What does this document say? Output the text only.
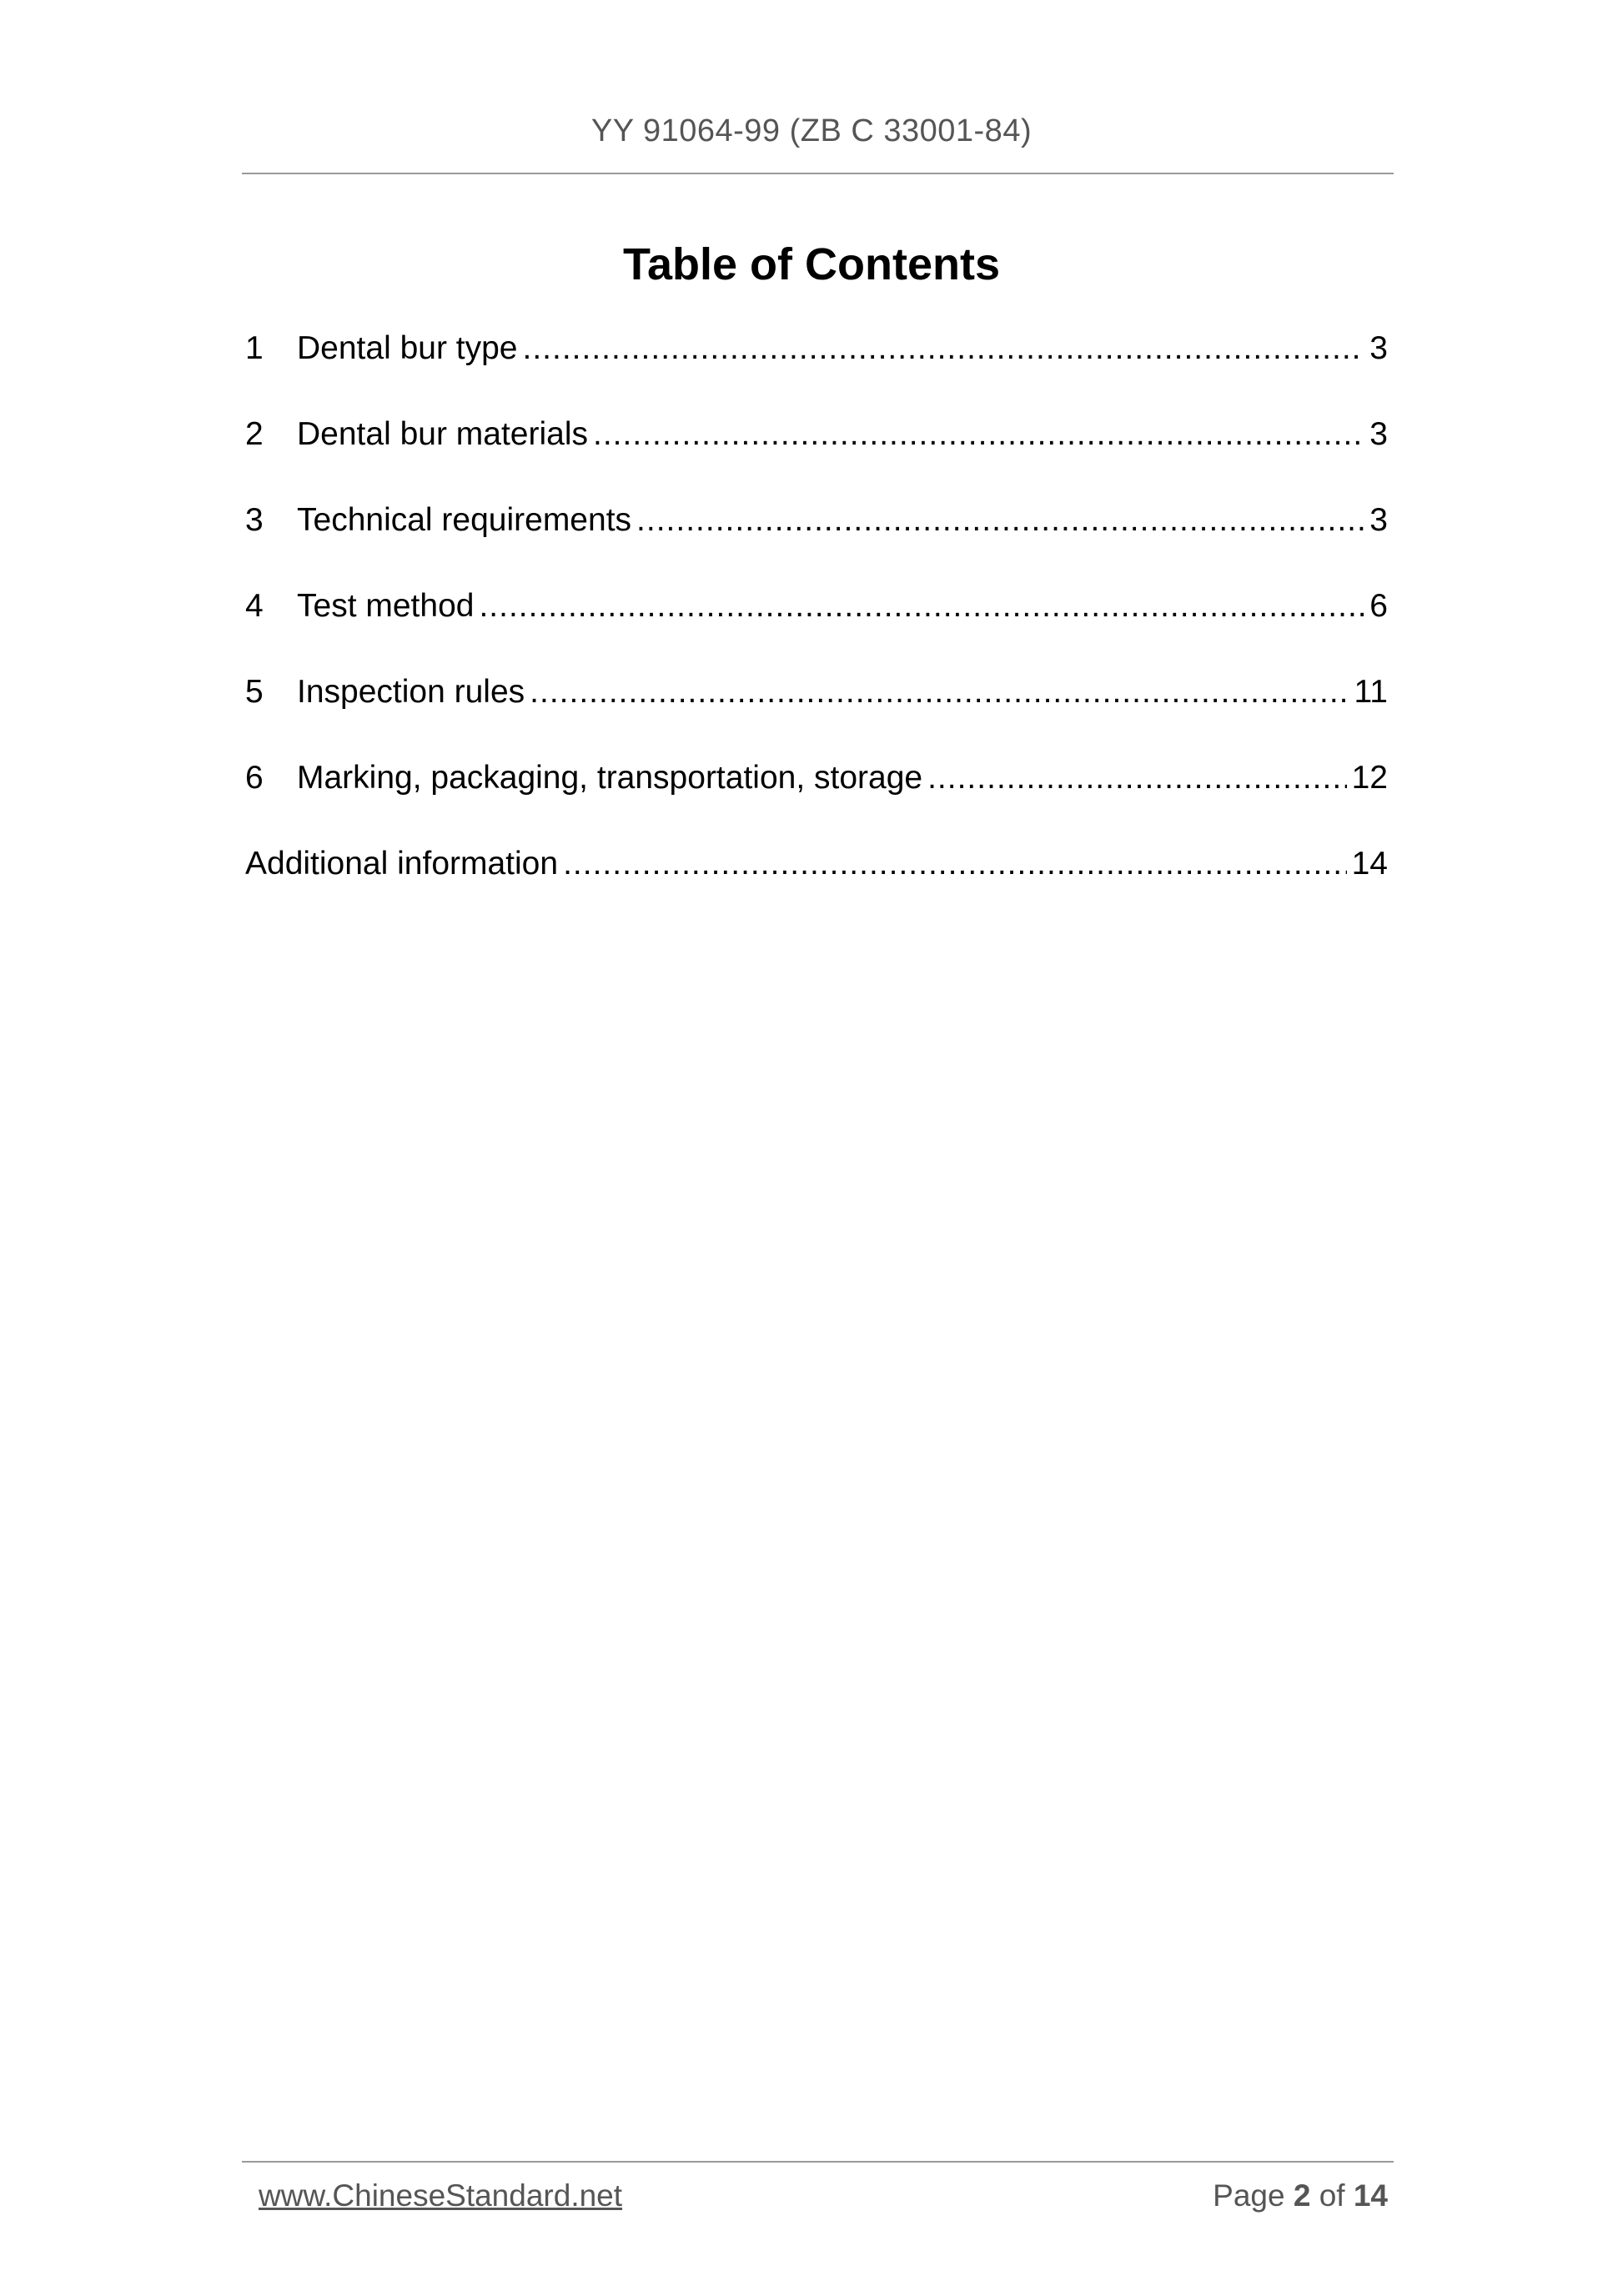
YY 91064-99 (ZB C 33001-84)
Table of Contents
1	Dental bur type .....	3
2	Dental bur materials .....	3
3	Technical requirements .....	3
4	Test method .....	6
5	Inspection rules .....	11
6	Marking, packaging, transportation, storage .....	12
Additional information .....	14
www.ChineseStandard.net	Page 2 of 14
